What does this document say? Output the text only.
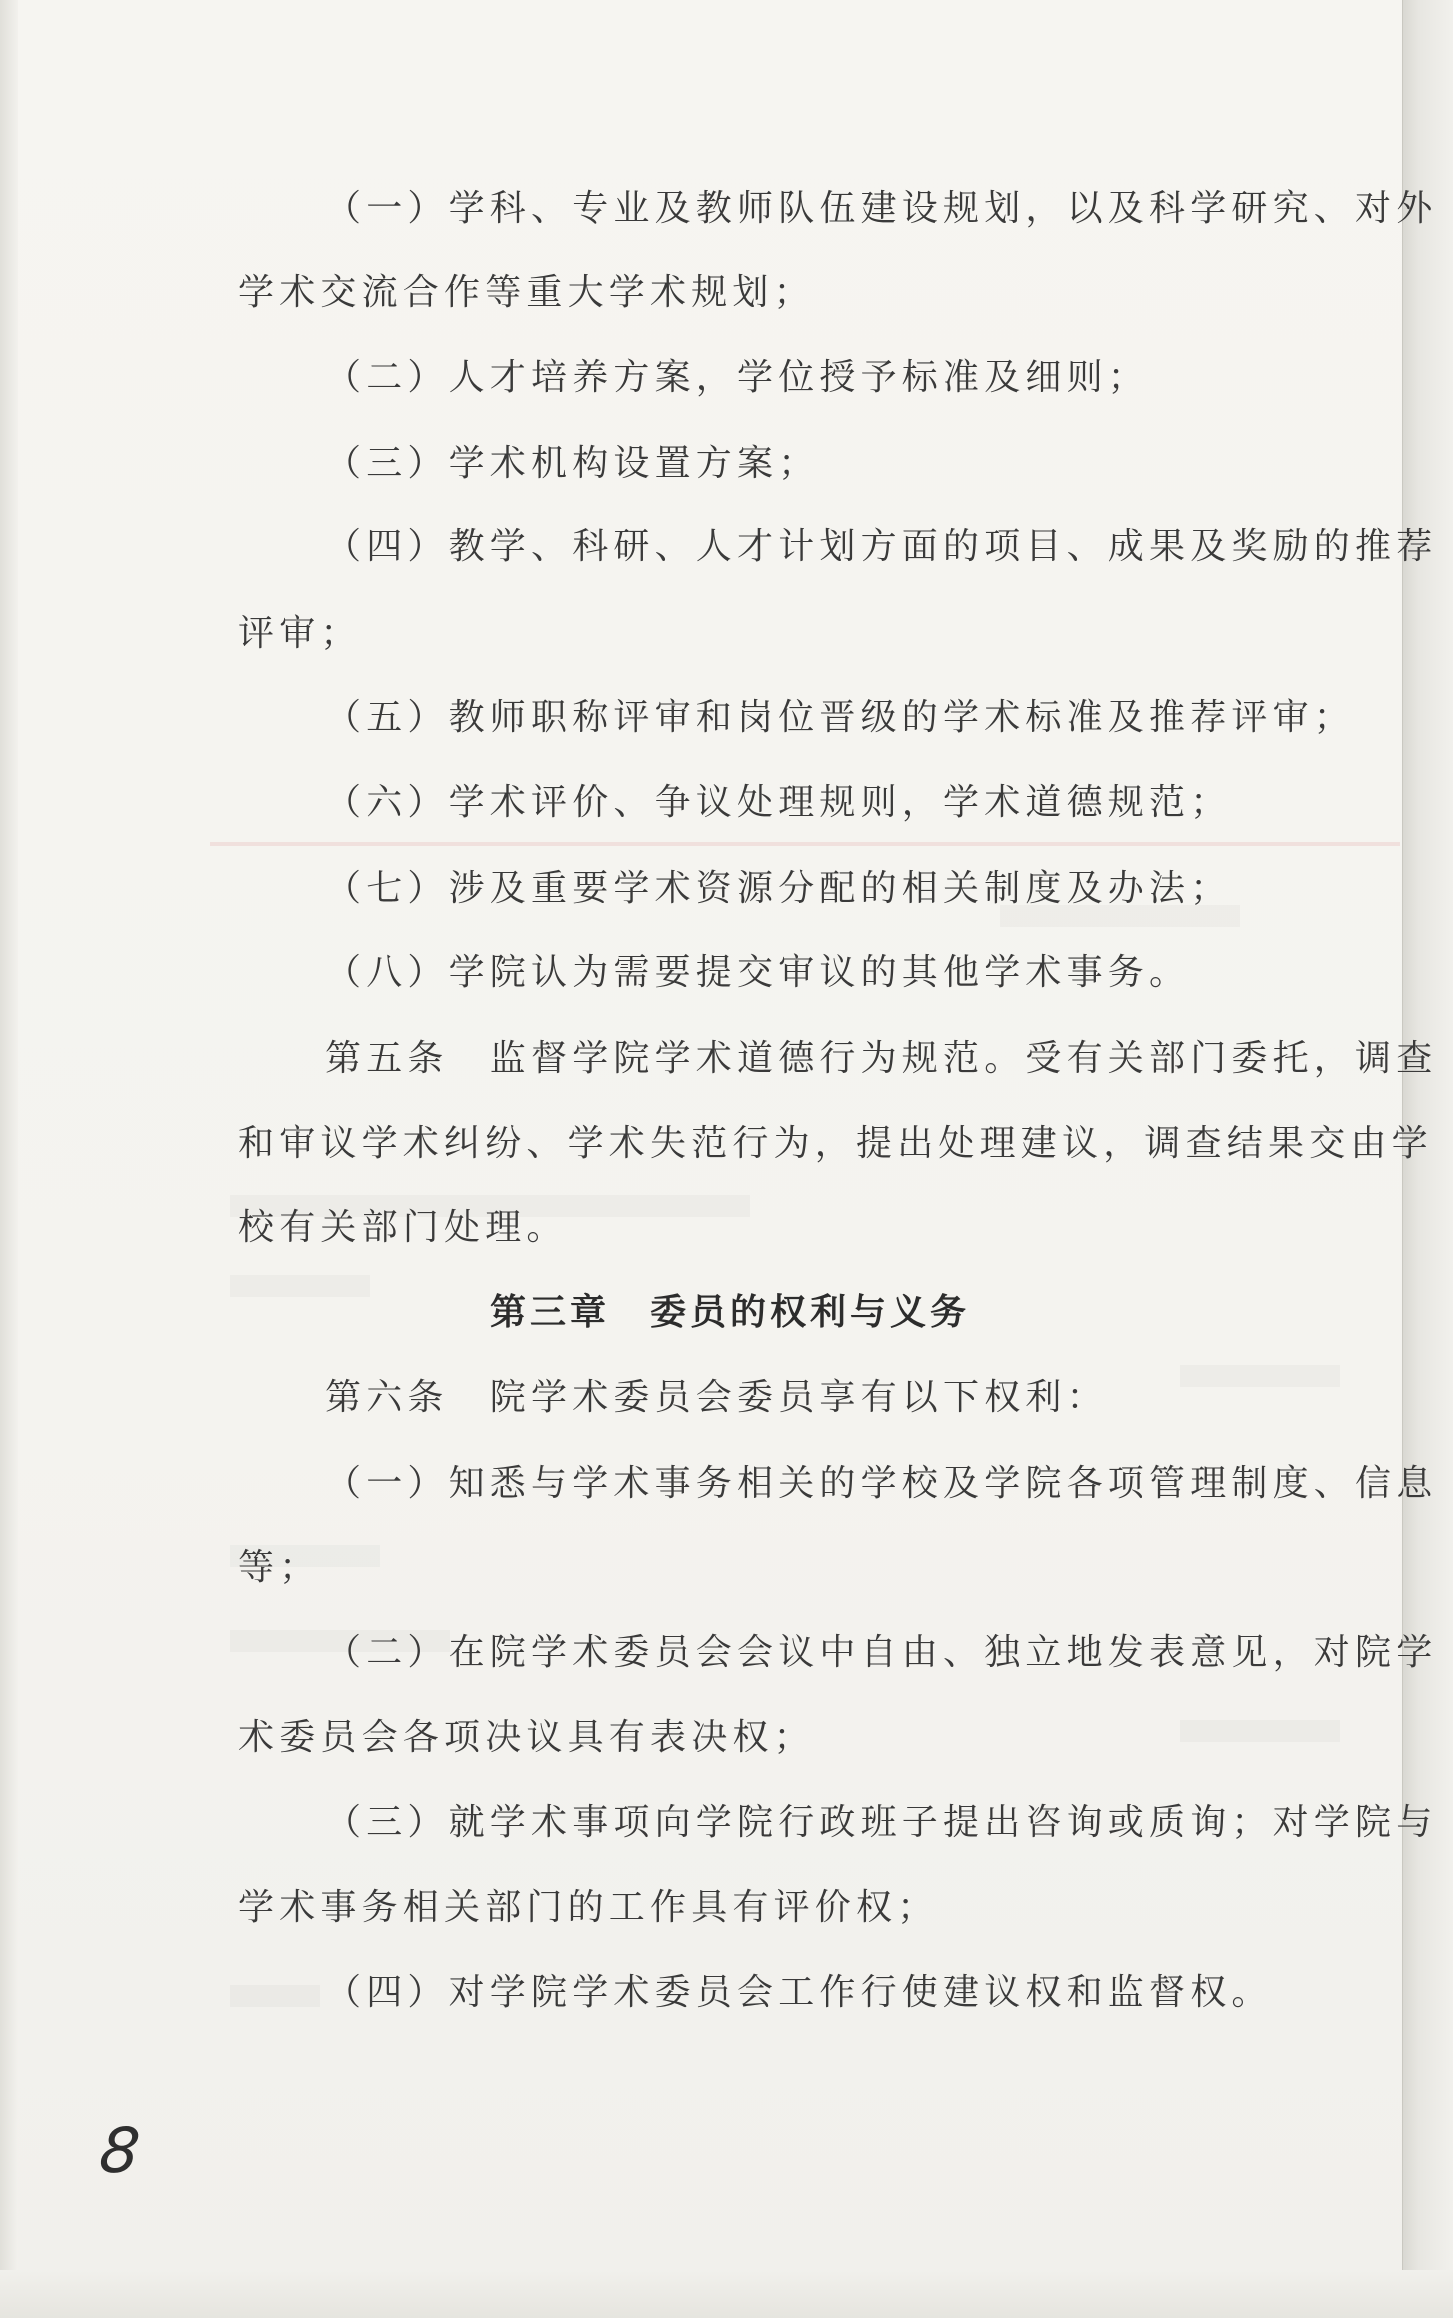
（一）学科、专业及教师队伍建设规划，以及科学研究、对外
学术交流合作等重大学术规划；
（二）人才培养方案，学位授予标准及细则；
（三）学术机构设置方案；
（四）教学、科研、人才计划方面的项目、成果及奖励的推荐
评审；
（五）教师职称评审和岗位晋级的学术标准及推荐评审；
（六）学术评价、争议处理规则，学术道德规范；
（七）涉及重要学术资源分配的相关制度及办法；
（八）学院认为需要提交审议的其他学术事务。
第五条　监督学院学术道德行为规范。受有关部门委托，调查
和审议学术纠纷、学术失范行为，提出处理建议，调查结果交由学
校有关部门处理。
第三章　委员的权利与义务
第六条　院学术委员会委员享有以下权利：
（一）知悉与学术事务相关的学校及学院各项管理制度、信息
等；
（二）在院学术委员会会议中自由、独立地发表意见，对院学
术委员会各项决议具有表决权；
（三）就学术事项向学院行政班子提出咨询或质询；对学院与
学术事务相关部门的工作具有评价权；
（四）对学院学术委员会工作行使建议权和监督权。
8
